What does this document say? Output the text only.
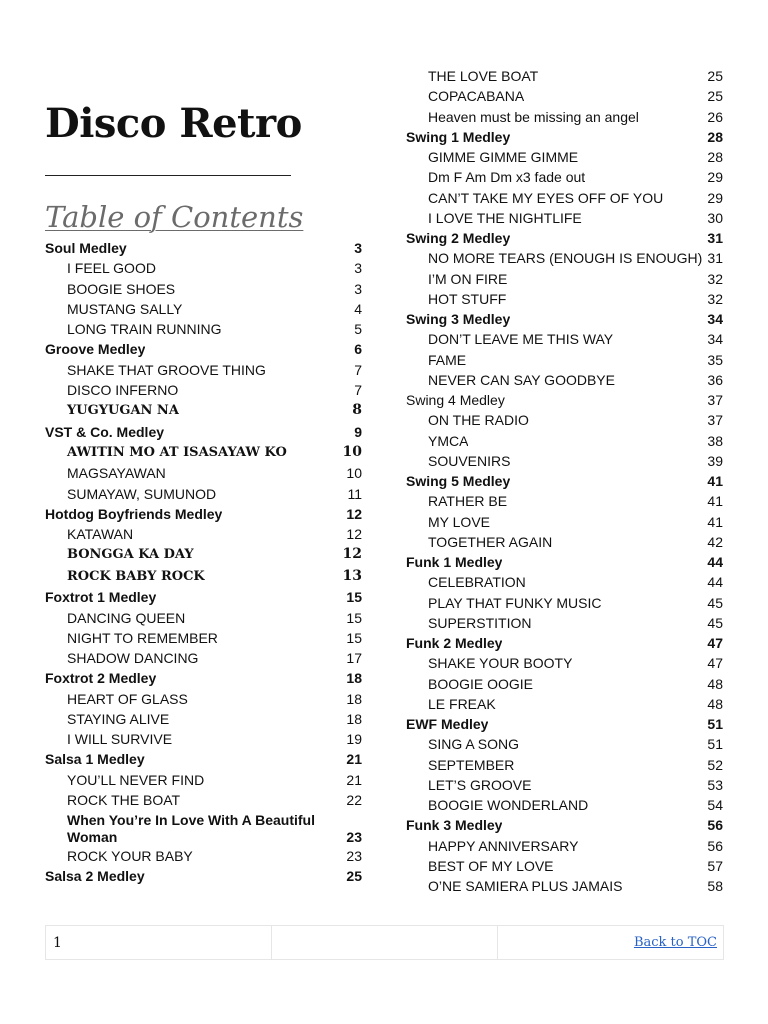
Disco Retro
Table of Contents
Soul Medley	3
I FEEL GOOD	3
BOOGIE SHOES	3
MUSTANG SALLY	4
LONG TRAIN RUNNING	5
Groove Medley	6
SHAKE THAT GROOVE THING	7
DISCO INFERNO	7
YUGYUGAN NA	8
VST & Co. Medley	9
AWITIN MO AT ISASAYAW KO	10
MAGSAYAWAN	10
SUMAYAW, SUMUNOD	11
Hotdog Boyfriends Medley	12
KATAWAN	12
BONGGA KA DAY	12
ROCK BABY ROCK	13
Foxtrot 1 Medley	15
DANCING QUEEN	15
NIGHT TO REMEMBER	15
SHADOW DANCING	17
Foxtrot 2 Medley	18
HEART OF GLASS	18
STAYING ALIVE	18
I WILL SURVIVE	19
Salsa 1 Medley	21
YOU’LL NEVER FIND	21
ROCK THE BOAT	22
When You’re In Love With A Beautiful Woman	23
ROCK YOUR BABY	23
Salsa 2 Medley	25
THE LOVE BOAT	25
COPACABANA	25
Heaven must be missing an angel	26
Swing 1 Medley	28
GIMME GIMME GIMME	28
Dm F Am Dm x3 fade out	29
CAN’T TAKE MY EYES OFF OF YOU	29
I LOVE THE NIGHTLIFE	30
Swing 2 Medley	31
NO MORE TEARS (ENOUGH IS ENOUGH) 31
I’M ON FIRE	32
HOT STUFF	32
Swing 3 Medley	34
DON’T LEAVE ME THIS WAY	34
FAME	35
NEVER CAN SAY GOODBYE	36
Swing 4 Medley	37
ON THE RADIO	37
YMCA	38
SOUVENIRS	39
Swing 5 Medley	41
RATHER BE	41
MY LOVE	41
TOGETHER AGAIN	42
Funk 1 Medley	44
CELEBRATION	44
PLAY THAT FUNKY MUSIC	45
SUPERSTITION	45
Funk 2 Medley	47
SHAKE YOUR BOOTY	47
BOOGIE OOGIE	48
LE FREAK	48
EWF Medley	51
SING A SONG	51
SEPTEMBER	52
LET’S GROOVE	53
BOOGIE WONDERLAND	54
Funk 3 Medley	56
HAPPY ANNIVERSARY	56
BEST OF MY LOVE	57
O’NE SAMIERA PLUS JAMAIS	58
1	Back to TOC
